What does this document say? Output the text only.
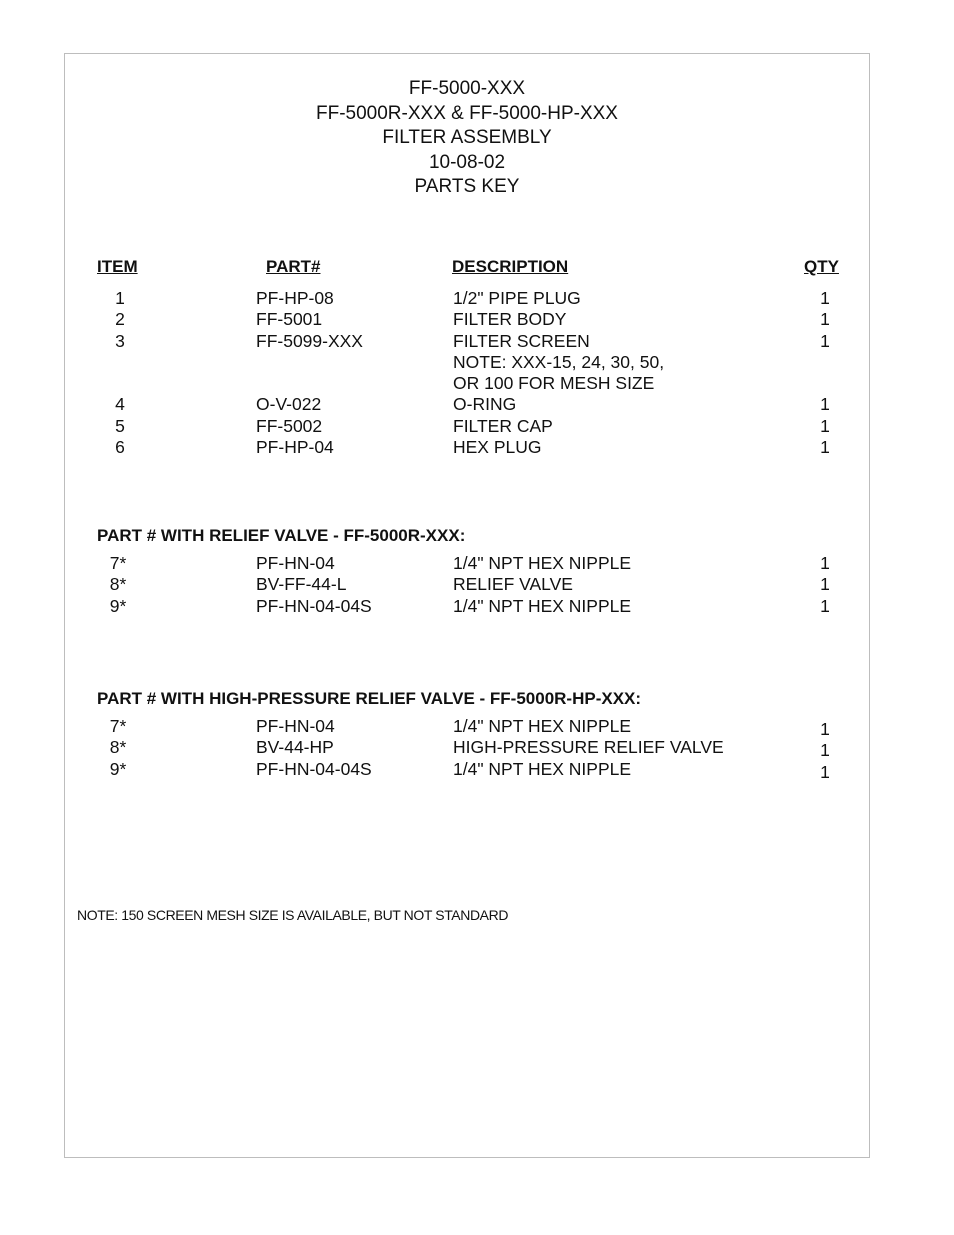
FF-5000-XXX
FF-5000R-XXX & FF-5000-HP-XXX
FILTER ASSEMBLY
10-08-02
PARTS KEY
ITEM	PART#	DESCRIPTION	QTY
1	PF-HP-08	1/2" PIPE PLUG	1
2	FF-5001	FILTER BODY	1
3	FF-5099-XXX	FILTER SCREEN	1
NOTE: XXX-15, 24, 30, 50,
OR 100 FOR MESH SIZE
4	O-V-022	O-RING	1
5	FF-5002	FILTER CAP	1
6	PF-HP-04	HEX PLUG	1
PART # WITH RELIEF VALVE - FF-5000R-XXX:
7*	PF-HN-04	1/4" NPT HEX NIPPLE	1
8*	BV-FF-44-L	RELIEF VALVE	1
9*	PF-HN-04-04S	1/4" NPT HEX NIPPLE	1
PART # WITH HIGH-PRESSURE RELIEF VALVE - FF-5000R-HP-XXX:
7*	PF-HN-04	1/4" NPT HEX NIPPLE	1
8*	BV-44-HP	HIGH-PRESSURE RELIEF VALVE	1
9*	PF-HN-04-04S	1/4" NPT HEX NIPPLE	1
NOTE: 150 SCREEN MESH SIZE IS AVAILABLE, BUT NOT STANDARD
